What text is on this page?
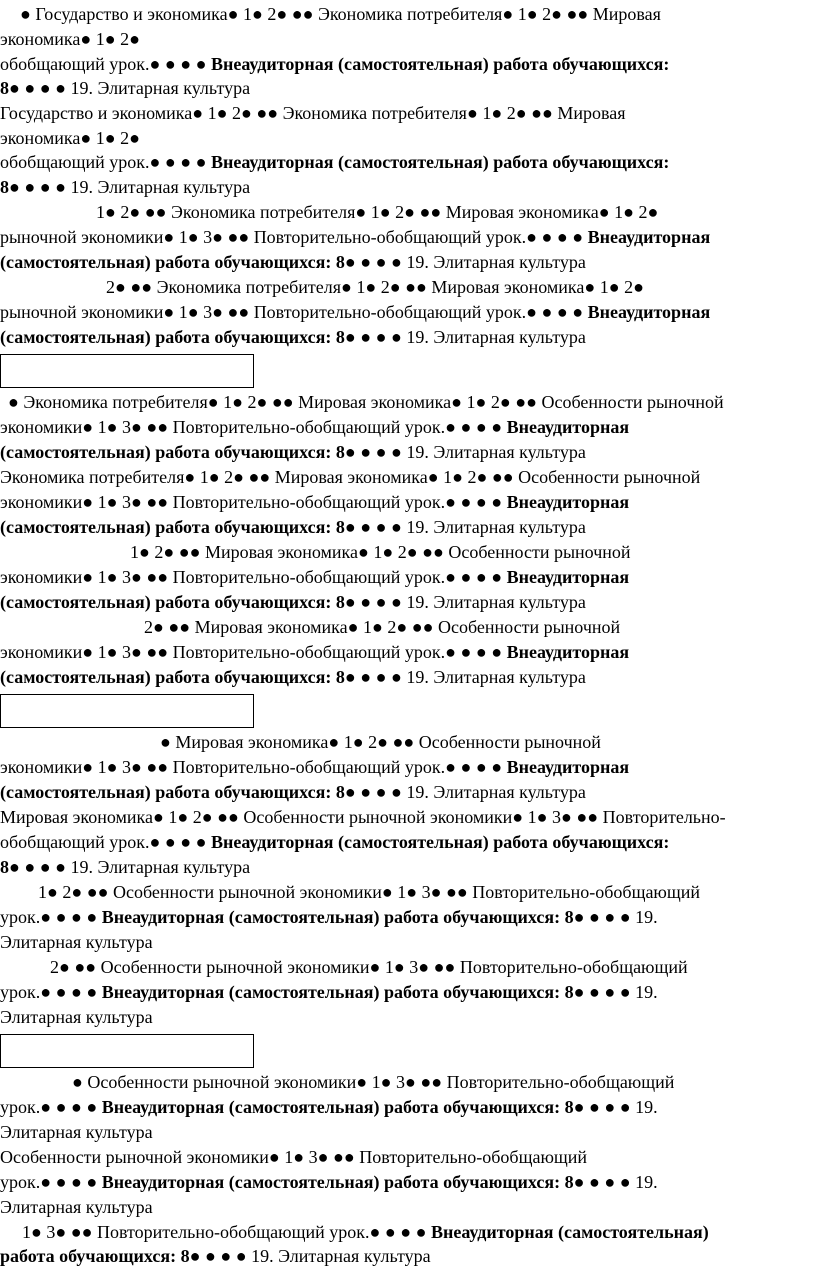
● Государство и экономика● 1● 2● ●● Экономика потребителя● 1● 2● ●● Мировая
экономика● 1● 2●
обобщающий урок.● ● ● ● Внеаудиторная (самостоятельная) работа обучающихся:
8● ● ● ● 19. Элитарная культура
Государство и экономика● 1● 2● ●● Экономика потребителя● 1● 2● ●● Мировая
экономика● 1● 2●
обобщающий урок.● ● ● ● Внеаудиторная (самостоятельная) работа обучающихся:
8● ● ● ● 19. Элитарная культура
1● 2● ●● Экономика потребителя● 1● 2● ●● Мировая экономика● 1● 2●
рыночной экономики● 1● 3● ●● Повторительно-обобщающий урок.● ● ● ● Внеаудиторная
(самостоятельная) работа обучающихся: 8● ● ● ● 19. Элитарная культура
2● ●● Экономика потребителя● 1● 2● ●● Мировая экономика● 1● 2●
рыночной экономики● 1● 3● ●● Повторительно-обобщающий урок.● ● ● ● Внеаудиторная
(самостоятельная) работа обучающихся: 8● ● ● ● 19. Элитарная культура
● Экономика потребителя● 1● 2● ●● Мировая экономика● 1● 2● ●● Особенности рыночной
экономики● 1● 3● ●● Повторительно-обобщающий урок.● ● ● ● Внеаудиторная
(самостоятельная) работа обучающихся: 8● ● ● ● 19. Элитарная культура
Экономика потребителя● 1● 2● ●● Мировая экономика● 1● 2● ●● Особенности рыночной
экономики● 1● 3● ●● Повторительно-обобщающий урок.● ● ● ● Внеаудиторная
(самостоятельная) работа обучающихся: 8● ● ● ● 19. Элитарная культура
1● 2● ●● Мировая экономика● 1● 2● ●● Особенности рыночной
экономики● 1● 3● ●● Повторительно-обобщающий урок.● ● ● ● Внеаудиторная
(самостоятельная) работа обучающихся: 8● ● ● ● 19. Элитарная культура
2● ●● Мировая экономика● 1● 2● ●● Особенности рыночной
экономики● 1● 3● ●● Повторительно-обобщающий урок.● ● ● ● Внеаудиторная
(самостоятельная) работа обучающихся: 8● ● ● ● 19. Элитарная культура
● Мировая экономика● 1● 2● ●● Особенности рыночной
экономики● 1● 3● ●● Повторительно-обобщающий урок.● ● ● ● Внеаудиторная
(самостоятельная) работа обучающихся: 8● ● ● ● 19. Элитарная культура
Мировая экономика● 1● 2● ●● Особенности рыночной экономики● 1● 3● ●● Повторительно-
обобщающий урок.● ● ● ● Внеаудиторная (самостоятельная) работа обучающихся:
8● ● ● ● 19. Элитарная культура
1● 2● ●● Особенности рыночной экономики● 1● 3● ●● Повторительно-обобщающий
урок.● ● ● ● Внеаудиторная (самостоятельная) работа обучающихся: 8● ● ● ● 19.
Элитарная культура
2● ●● Особенности рыночной экономики● 1● 3● ●● Повторительно-обобщающий
урок.● ● ● ● Внеаудиторная (самостоятельная) работа обучающихся: 8● ● ● ● 19.
Элитарная культура
● Особенности рыночной экономики● 1● 3● ●● Повторительно-обобщающий
урок.● ● ● ● Внеаудиторная (самостоятельная) работа обучающихся: 8● ● ● ● 19.
Элитарная культура
Особенности рыночной экономики● 1● 3● ●● Повторительно-обобщающий
урок.● ● ● ● Внеаудиторная (самостоятельная) работа обучающихся: 8● ● ● ● 19.
Элитарная культура
1● 3● ●● Повторительно-обобщающий урок.● ● ● ● Внеаудиторная (самостоятельная)
работа обучающихся: 8● ● ● ● 19. Элитарная культура
